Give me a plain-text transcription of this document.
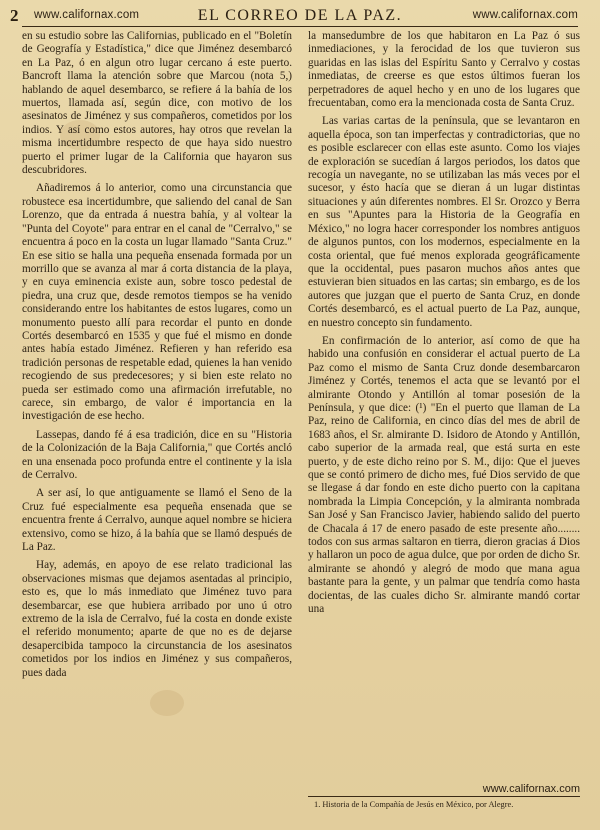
2 www.californax.com	EL CORREO DE LA PAZ.	www.californax.com

en su estudio sobre las Californias, publicado en el "Boletín de Geografía y Estadística," dice que Jiménez desembarcó en La Paz, ó en algun otro lugar cercano á este puerto. Bancroft llama la atención sobre que Marcou (nota 5,) hablando de aquel desembarco, se refiere á la bahía de los muertos, llamada así, según dice, con motivo de los asesinatos de Jiménez y sus compañeros, cometidos por los indios. Y así como estos autores, hay otros que revelan la misma incertidumbre respecto de que haya sido nuestro puerto el primer lugar de la California que hayaron sus descubridores.

Añadiremos á lo anterior, como una circunstancia que robustece esa incertidumbre, que saliendo del canal de San Lorenzo, que da entrada á nuestra bahía, y al voltear la "Punta del Coyote" para entrar en el canal de "Cerralvo," se encuentra á poco en la costa un lugar llamado "Santa Cruz." En ese sitio se halla una pequeña ensenada formada por un morrillo que se avanza al mar á corta distancia de la playa, y en cuya eminencia existe aun, sobre tosco pedestal de piedra, una cruz que, desde remotos tiempos se ha venido considerando entre los habitantes de estos lugares, como un monumento puesto allí para recordar el punto en donde Cortés desembarcó en 1535 y que fué el mismo en donde antes había estado Jiménez. Refieren y han referido esa tradición personas de respetable edad, quienes la han venido recogiendo de sus predecesores; y si bien este relato no pueda ser estimado como una afirmación irrefutable, no carece, sin embargo, de valor é importancia en la investigación de ese hecho.

Lassepas, dando fé á esa tradición, dice en su "Historia de la Colonización de la Baja California," que Cortés ancló en una ensenada poco profunda entre el continente y la isla de Cerralvo.

A ser así, lo que antiguamente se llamó el Seno de la Cruz fué especialmente esa pequeña ensenada que se encuentra frente á Cerralvo, aunque aquel nombre se hiciera extensivo, como se hizo, á la bahía que se llamó después de La Paz.

Hay, además, en apoyo de ese relato tradicional las observaciones mismas que dejamos asentadas al principio, esto es, que lo más inmediato que Jiménez tuvo para desembarcar, ese que hubiera arribado por uno ú otro extremo de la isla de Cerralvo, fué la costa en donde existe el referido monumento; aparte de que no es de dejarse desapercibida tampoco la circunstancia de los asesinatos cometidos por los indios en Jiménez y sus compañeros, pues dada

la mansedumbre de los que habitaron en La Paz ó sus inmediaciones, y la ferocidad de los que tuvieron sus guaridas en las islas del Espíritu Santo y Cerralvo y costas inmediatas, de creerse es que estos últimos fueran los perpetradores de aquel hecho y en uno de los lugares que frecuentaban, como era la mencionada costa de Santa Cruz.

Las varias cartas de la península, que se levantaron en aquella época, son tan imperfectas y contradictorias, que no es posible esclarecer con ellas este asunto. Como los viajes de exploración se sucedían á largos periodos, los datos que recogía un navegante, no se utilizaban las más veces por el sucesor, y ésto hacía que se dieran á un lugar distintas situaciones y aún diferentes nombres. El Sr. Orozco y Berra en sus "Apuntes para la Historia de la Geografía en México," no logra hacer corresponder los nombres antiguos de algunos puntos, con los modernos, especialmente en la costa oriental, que fué menos explorada geográficamente que la occidental, pues pasaron muchos años antes que estuvieran bien situados en las cartas; sin embargo, es de los autores que juzgan que el puerto de Santa Cruz, en donde Cortés desembarcó, es el actual puerto de La Paz, aunque, en nuestro concepto sin fundamento.

En confirmación de lo anterior, así como de que ha habido una confusión en considerar el actual puerto de La Paz como el mismo de Santa Cruz donde desembarcaron Jiménez y Cortés, tenemos el acta que se levantó por el almirante Otondo y Antillón al tomar posesión de la Península, y que dice: (¹) "En el puerto que llaman de La Paz, reino de California, en cinco días del mes de abril de 1683 años, el Sr. almirante D. Isidoro de Atondo y Antillón, cabo superior de la armada real, que está surta en este puerto, y de este dicho reino por S. M., dijo: Que el jueves que se contó primero de dicho mes, fué Dios servido de que se llegase á dar fondo en este dicho puerto con la capitana nombrada la Limpia Concepción, y la almiranta nombrada San José y San Francisco Javier, habiendo salido del puerto de Chacala á 17 de enero pasado de este presente año........ todos con sus armas saltaron en tierra, dieron gracias á Dios y hallaron un poco de agua dulce, que por orden de dicho Sr. almirante se ahondó y alegró de modo que mana agua bastante para la gente, y un palmar que tendría como hasta docientas, de las cuales dicho Sr. almirante mandó cortar una

www.californax.com
1. Historia de la Compañía de Jesús en México, por Alegre.
